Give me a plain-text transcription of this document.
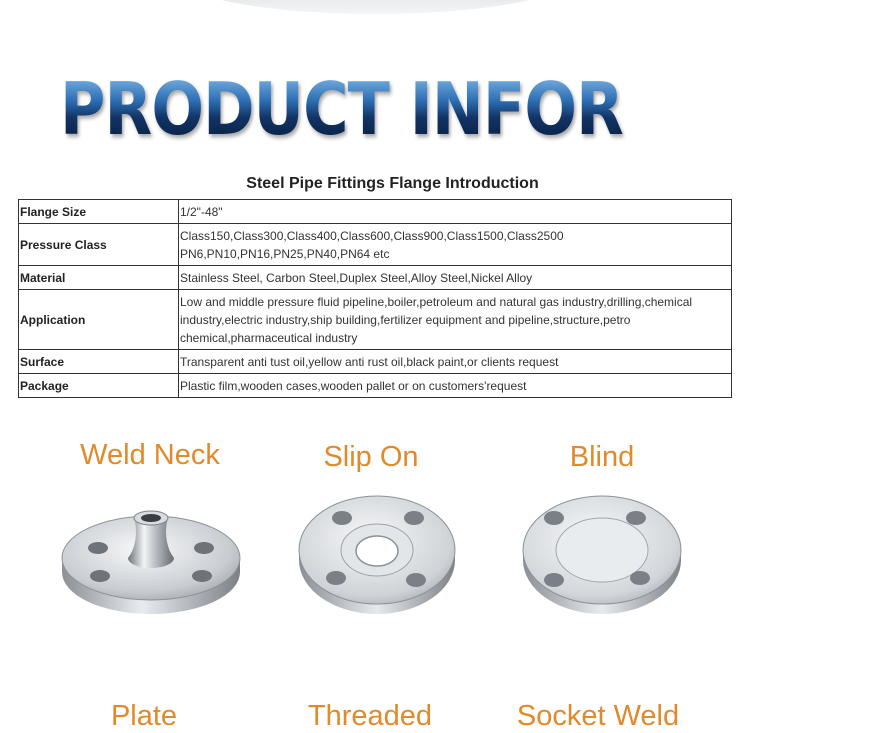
PRODUCT INFORMATION
Steel Pipe Fittings Flange Introduction
Flange Size	1/2"-48"
Pressure Class	Class150,Class300,Class400,Class600,Class900,Class1500,Class2500 PN6,PN10,PN16,PN25,PN40,PN64 etc
Material	Stainless Steel, Carbon Steel,Duplex Steel,Alloy Steel,Nickel Alloy
Application	Low and middle pressure fluid pipeline,boiler,petroleum and natural gas industry,drilling,chemical industry,electric industry,ship building,fertilizer equipment and pipeline,structure,petro chemical,pharmaceutical industry
Surface	Transparent anti tust oil,yellow anti rust oil,black paint,or clients request
Package	Plastic film,wooden cases,wooden pallet or on customers'request
Weld Neck	Slip On	Blind
Plate	Threaded	Socket Weld
